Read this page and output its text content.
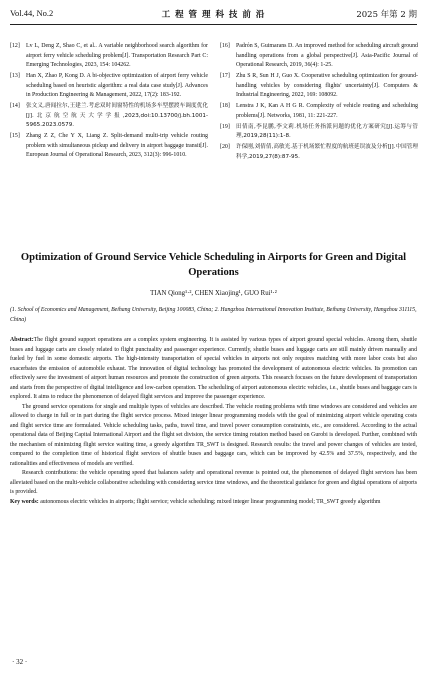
Vol.44, No.2	工 程 管 理 科 技 前 沿	2025 年第 2 期
[12] Lv L, Deng Z, Shao C, et al.. A variable neighborhood search algorithm for airport ferry vehicle scheduling problem[J]. Transportation Research Part C: Emerging Technologies, 2023, 154: 104262.
[13] Han X, Zhao P, Kong D. A bi-objective optimization of airport ferry vehicle scheduling based on heuristic algorithm: a real data case study[J]. Advances in Production Engineering & Management, 2022, 17(2): 183-192.
[14] 张文义,唐闻拉尔,王建兰.考虑双时间窗特性的机场多车型摆渡车调度优化[J].北京航空航天大学学报,2023,doi:10.13700/j.bh.1001-5965.2023.0579.
[15] Zhang Z Z, Che Y X, Liang Z. Split-demand multi-trip vehicle routing problem with simultaneous pickup and delivery in airport baggage transit[J]. European Journal of Operational Research, 2023, 312(3): 996-1010.
[16] Padrón S, Guimarans D. An improved method for scheduling aircraft ground handling operations from a global perspective[J]. Asia-Pacific Journal of Operational Research, 2019, 36(4): 1-25.
[17] Zhu S R, Sun H J, Guo X. Cooperative scheduling optimization for ground-handling vehicles by considering flights' uncertainty[J]. Computers & Industrial Engineering, 2022, 169: 108092.
[18] Lenstra J K, Kan A H G R. Complexity of vehicle routing and scheduling problems[J]. Networks, 1981, 11: 221-227.
[19] 田倩南,李昆鹏,李文莉.机场任务指派问题的优化方案研究[J].运筹与管理,2019,28(11):1-8.
[20] 许保刚,刘倩倩,高敏光.基于机场繁忙程度的航班延误波及分析[J].中国管理科学,2019,27(8):87-95.
Optimization of Ground Service Vehicle Scheduling in Airports for Green and Digital Operations
TIAN Qiong¹·², CHEN Xiaojing¹, GUO Rui¹·²
(1. School of Economics and Management, Beihang University, Beijing 100083, China; 2. Hangzhou International Innovation Institute, Beihang University, Hangzhou 311115, China)

Abstract:The flight ground support operations are a complex system engineering. It is assisted by various types of airport ground special vehicles. Among them, shuttle buses and luggage carts are closely related to flight punctuality and passenger experience. Currently, shuttle buses and luggage carts are still mainly driven manually and fueled by fuel in some domestic airports. The high-intensity transportation of special vehicles in airports not only requires matching with more labor costs but also exacerbates the emission of automobile exhaust. The innovation of digital technology has promoted the development of autonomous electric vehicles. Its promotion can effectively save the investment of airport human resources and promote the construction of green airports. This research focuses on the future development of transportation and starts from the perspective of digital intelligence and low-carbon operation. The scheduling of airport autonomous electric vehicles, i.e., shuttle buses and baggage cars is explored. It aims to reduce the phenomenon of delayed flight services and improve the passenger experience.

The ground service operations for single and multiple types of vehicles are described. The vehicle routing problems with time windows are considered and vehicles are allowed to charge in full or in part during the flight service process. Mixed integer linear programming models with the goal of minimizing airport vehicle operating costs and flight service time are formulated. Vehicle scheduling tasks, paths, travel time, and travel power consumption constraints, etc., are considered. According to the actual operational data of Beijing Capital International Airport and the flight set division, the service timing rotation method based on Gurobi is developed. Further, combined with the mechanism of minimizing flight service waiting time, a greedy algorithm TR_SWT is designed. Research results: the travel and power changes of vehicles are tested, compared to the completion time of historical flight services of shuttle buses and baggage cars, which can be improved by 42.5% and 37.5%, respectively, and the rationalities and effectiveness of models are verified.

Research contributions: the vehicle operating speed that balances safety and operational revenue is pointed out, the phenomenon of delayed flight services has been alleviated based on the multi-vehicle collaborative scheduling with considering service time windows, and the theoretical guidance for green and digital operations of airports is provided.

Key words: autonomous electric vehicles in airports; flight service; vehicle scheduling; mixed integer linear programming model; TR_SWT greedy algorithm

· 32 ·
